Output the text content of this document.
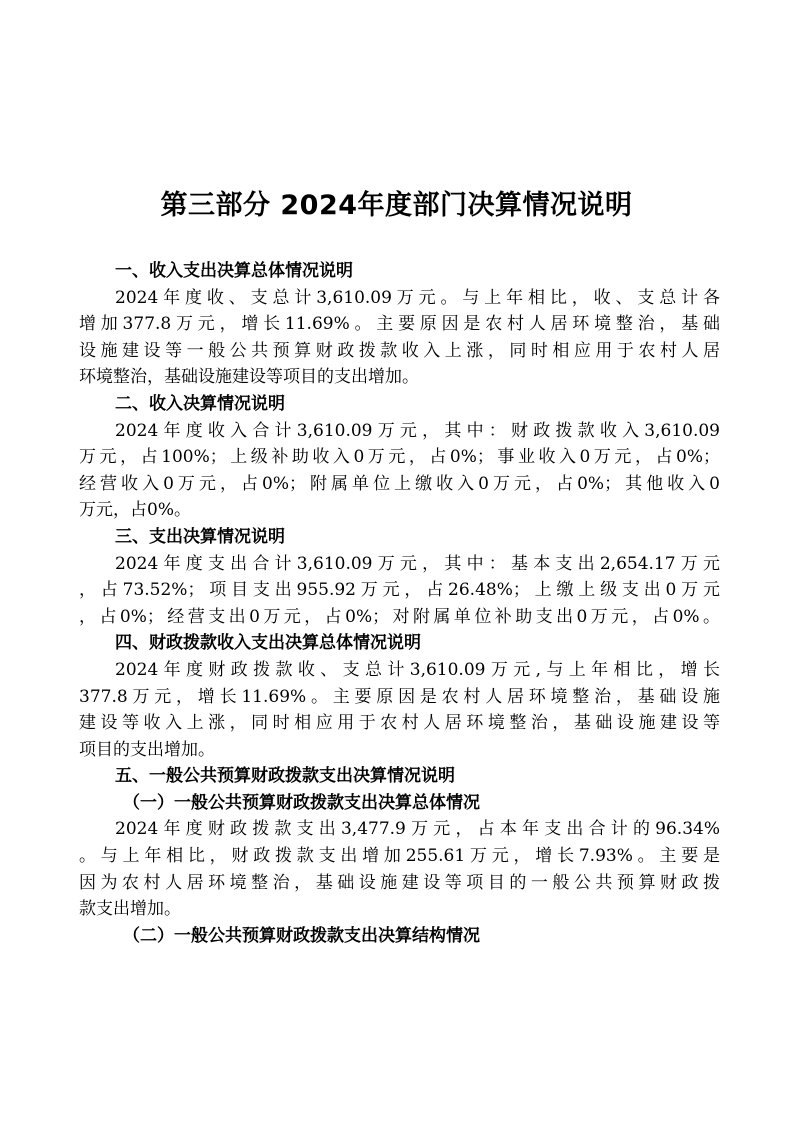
第三部分 2024年度部门决算情况说明
一、收入支出决算总体情况说明
2024年度收、支总计3,610.09万元。与上年相比，收、支总计各
增加377.8万元，增长11.69%。主要原因是农村人居环境整治，基础
设施建设等一般公共预算财政拨款收入上涨，同时相应用于农村人居
环境整治，基础设施建设等项目的支出增加。
二、收入决算情况说明
2024年度收入合计3,610.09万元，其中：财政拨款收入3,610.09
万元，占100%；上级补助收入0万元，占0%；事业收入0万元，占0%；
经营收入0万元，占0%；附属单位上缴收入0万元，占0%；其他收入0
万元，占0%。
三、支出决算情况说明
2024年度支出合计3,610.09万元，其中：基本支出2,654.17万元
，占73.52%；项目支出955.92万元，占26.48%；上缴上级支出0万元
，占0%；经营支出0万元，占0%；对附属单位补助支出0万元，占0%。
四、财政拨款收入支出决算总体情况说明
2024年度财政拨款收、支总计3,610.09万元,与上年相比，增长
377.8万元，增长11.69%。主要原因是农村人居环境整治，基础设施
建设等收入上涨，同时相应用于农村人居环境整治，基础设施建设等
项目的支出增加。
五、一般公共预算财政拨款支出决算情况说明
（一）一般公共预算财政拨款支出决算总体情况
2024年度财政拨款支出3,477.9万元，占本年支出合计的96.34%
。与上年相比，财政拨款支出增加255.61万元，增长7.93%。主要是
因为农村人居环境整治，基础设施建设等项目的一般公共预算财政拨
款支出增加。
（二）一般公共预算财政拨款支出决算结构情况
